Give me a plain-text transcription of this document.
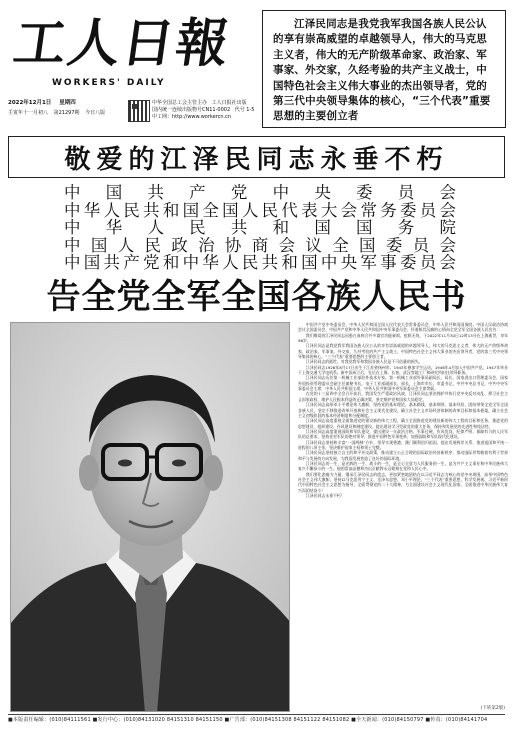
工人日報
WORKERS' DAILY
2022年12月1日 星期四
壬寅年十一月初八 第21297期 今日八版
中华全国总工会主管主办 工人日报社出版
国内统一连续出版物号CN11-0002 代号 1-5
中工网：http://www.workercn.cn

江泽民同志是我党我军我国各族人民公认的享有崇高威望的卓越领导人，伟大的马克思主义者，伟大的无产阶级革命家、政治家、军事家、外交家，久经考验的共产主义战士，中国特色社会主义伟大事业的杰出领导者，党的第三代中央领导集体的核心，“三个代表”重要思想的主要创立者

敬爱的江泽民同志永垂不朽
中国共产党中央委员会
中华人民共和国全国人民代表大会常务委员会
中华人民共和国国务院
中国人民政治协商会议全国委员会
中国共产党和中华人民共和国中央军事委员会
告全党全军全国各族人民书

中国共产党中央委员会、中华人民共和国全国人民代表大会常务委员会、中华人民共和国国务院、中国人民政治协商会议全国委员会、中国共产党和中华人民共和国中央军事委员会，怀着极其沉痛的心情向全党全军全国各族人民宣告：

我们敬爱的江泽民同志因患白血病合并多器官功能衰竭，抢救无效，于2022年11月30日12时13分在上海逝世，享年96岁。

江泽民同志是我党我军我国各族人民公认的享有崇高威望的卓越领导人，伟大的马克思主义者，伟大的无产阶级革命家、政治家、军事家、外交家，久经考验的共产主义战士，中国特色社会主义伟大事业的杰出领导者，党的第三代中央领导集体的核心，“三个代表”重要思想的主要创立者。

江泽民同志的逝世，对我党我军和我国各族人民是不可估量的损失。

江泽民同志1926年8月17日出生于江苏省扬州市。1943年参加学生运动，1946年4月加入中国共产党。1947年毕业于上海交通大学电机系。新中国成立后，先后在上海、长春、武汉等地工厂和研究所担任领导职务。

江泽民同志历任第一机械工业部驻外技术专家、第一机械工业部外事局副局长、局长，国家进出口管理委员会、国家外国投资管理委员会副主任兼秘书长，电子工业部副部长、部长，上海市市长、市委书记，中共中央总书记、中共中央军事委员会主席，中华人民共和国主席、中华人民共和国中央军事委员会主席等职。

在党的十三届四中全会召开前后，我国发生严重政治风波，江泽民同志坚决拥护并执行党中央反对动乱、捍卫社会主义国家政权、维护人民根本利益的正确决策，坚定维护党和国家大局稳定。

江泽民同志高举邓小平理论伟大旗帜，坚持党的基本理论、基本路线、基本纲领、基本经验，团结带领全党全军全国各族人民，坚定不移推进改革开放和社会主义现代化建设，确立社会主义市场经济体制的改革目标和基本框架，确立社会主义初级阶段的基本经济制度和分配制度。

江泽民同志高度重视全面推进党的建设新的伟大工程，确立全面推进党的建设新的伟大工程的目标和任务，推进党的思想建设、组织建设、作风建设和制度建设，提出建设学习型政党的重大任务，保持和发展党的先进性和纯洁性。

江泽民同志高度重视国防和军队建设，提出建设一支政治合格、军事过硬、作风优良、纪律严明、保障有力的人民军队的总要求，坚持党对军队的绝对领导，推进中国特色军事变革，加强国防和军队现代化建设。

江泽民同志坚持和丰富“一国两制”方针，领导实现香港、澳门顺利回归祖国，提出发展两岸关系、推进祖国和平统一进程的八项主张，坚决维护国家主权和领土完整。

江泽民同志坚持独立自主的和平外交政策，推动建立公正合理的国际政治经济新秩序，推动国际形势朝着有利于世界和平与发展的方向发展，为我国发展营造了良好的国际环境。

江泽民同志的一生，是光辉的一生、战斗的一生，是全心全意为人民服务的一生，是为共产主义事业和中华民族伟大复兴不懈奋斗的一生。他的崇高品德和杰出贡献将永远铭刻在党和人民心中。

我们要化悲痛为力量，继承江泽民同志的遗志，更加紧密地团结在以习近平同志为核心的党中央周围，高举中国特色社会主义伟大旗帜，坚持以马克思列宁主义、毛泽东思想、邓小平理论、“三个代表”重要思想、科学发展观、习近平新时代中国特色社会主义思想为指导，全面贯彻党的二十大精神，为全面建设社会主义现代化国家、全面推进中华民族伟大复兴而团结奋斗！

江泽民同志永垂不朽！

(下转第2版)
■本版责任编辑：(010)84111561 ■发行中心：(010)84131020 84151310 84151150 ■广告部：(010)84151308 84151122 84151082 ■全天新闻：(010)84150797 ■传真：(010)84141704
